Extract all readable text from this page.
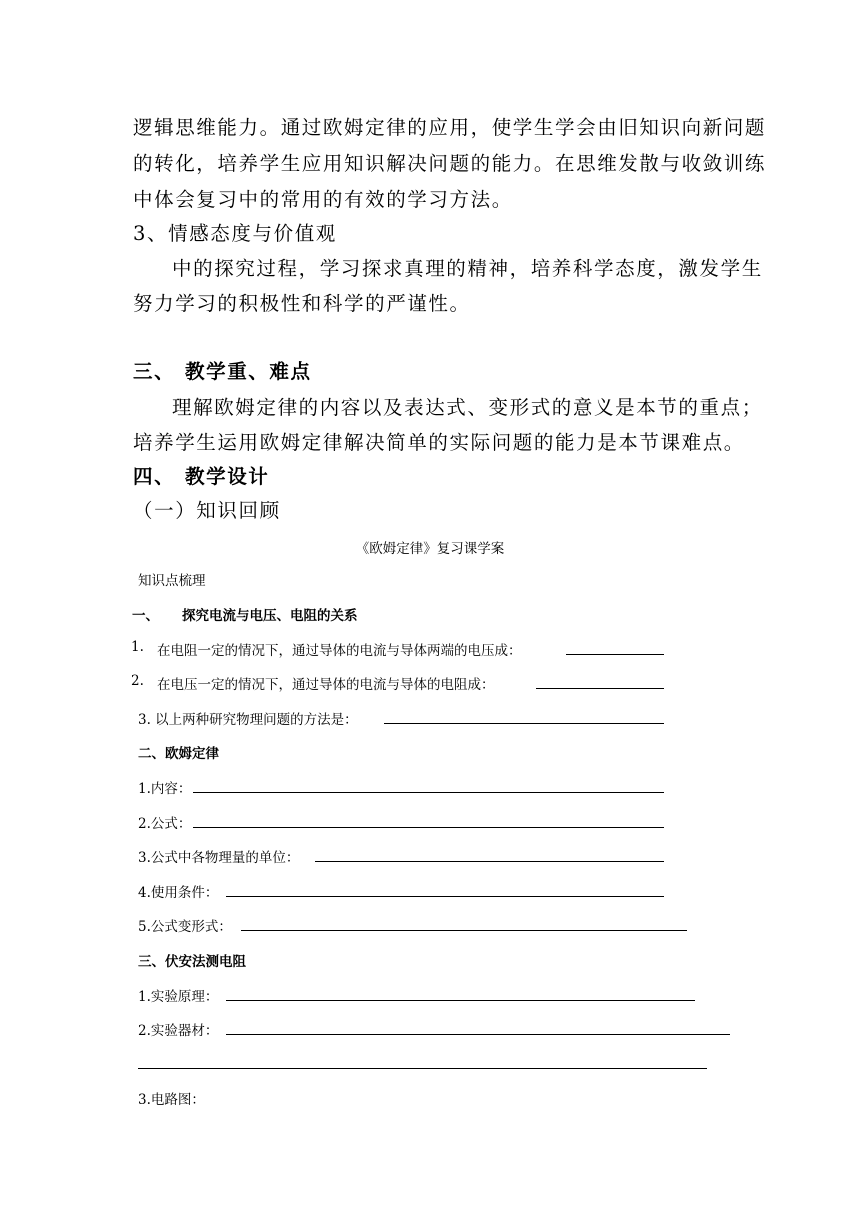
逻辑思维能力。通过欧姆定律的应用，使学生学会由旧知识向新问题
的转化，培养学生应用知识解决问题的能力。在思维发散与收敛训练
中体会复习中的常用的有效的学习方法。
3、情感态度与价值观
中的探究过程，学习探求真理的精神，培养科学态度，激发学生
努力学习的积极性和科学的严谨性。
三、 教学重、难点
理解欧姆定律的内容以及表达式、变形式的意义是本节的重点；
培养学生运用欧姆定律解决简单的实际问题的能力是本节课难点。
四、 教学设计
（一）知识回顾
《欧姆定律》复习课学案
知识点梳理
一、 探究电流与电压、电阻的关系
1. 在电阻一定的情况下，通过导体的电流与导体两端的电压成：
2. 在电压一定的情况下，通过导体的电流与导体的电阻成：
3. 以上两种研究物理问题的方法是：
二、欧姆定律
1.内容：
2.公式：
3.公式中各物理量的单位：
4.使用条件：
5.公式变形式：
三、伏安法测电阻
1.实验原理：
2.实验器材：
3.电路图：
